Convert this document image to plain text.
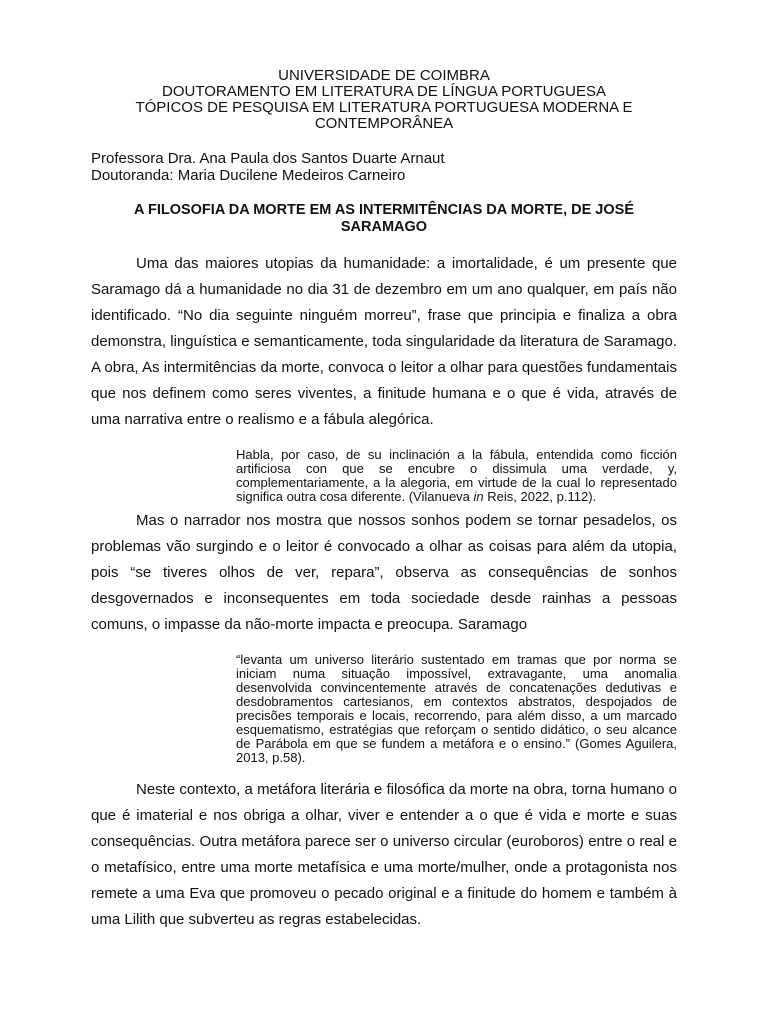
UNIVERSIDADE DE COIMBRA
DOUTORAMENTO EM LITERATURA DE LÍNGUA PORTUGUESA
TÓPICOS DE PESQUISA EM LITERATURA PORTUGUESA MODERNA E
CONTEMPORÂNEA
Professora Dra. Ana Paula dos Santos Duarte Arnaut
Doutoranda: Maria Ducilene Medeiros Carneiro
A FILOSOFIA DA MORTE EM AS INTERMITÊNCIAS DA MORTE, DE JOSÉ SARAMAGO

Uma das maiores utopias da humanidade: a imortalidade, é um presente que Saramago dá a humanidade no dia 31 de dezembro em um ano qualquer, em país não identificado. “No dia seguinte ninguém morreu”, frase que principia e finaliza a obra demonstra, linguística e semanticamente, toda singularidade da literatura de Saramago. A obra, As intermitências da morte, convoca o leitor a olhar para questões fundamentais que nos definem como seres viventes, a finitude humana e o que é vida, através de uma narrativa entre o realismo e a fábula alegórica.

Habla, por caso, de su inclinación a la fábula, entendida como ficción artificiosa con que se encubre o dissimula uma verdade, y, complementariamente, a la alegoria, em virtude de la cual lo representado significa outra cosa diferente. (Vilanueva in Reis, 2022, p.112).

Mas o narrador nos mostra que nossos sonhos podem se tornar pesadelos, os problemas vão surgindo e o leitor é convocado a olhar as coisas para além da utopia, pois “se tiveres olhos de ver, repara”, observa as consequências de sonhos desgovernados e inconsequentes em toda sociedade desde rainhas a pessoas comuns, o impasse da não-morte impacta e preocupa. Saramago

“levanta um universo literário sustentado em tramas que por norma se iniciam numa situação impossível, extravagante, uma anomalia desenvolvida convincentemente através de concatenações dedutivas e desdobramentos cartesianos, em contextos abstratos, despojados de precisões temporais e locais, recorrendo, para além disso, a um marcado esquematismo, estratégias que reforçam o sentido didático, o seu alcance de Parábola em que se fundem a metáfora e o ensino.” (Gomes Aguilera, 2013, p.58).

Neste contexto, a metáfora literária e filosófica da morte na obra, torna humano o que é imaterial e nos obriga a olhar, viver e entender a o que é vida e morte e suas consequências. Outra metáfora parece ser o universo circular (euroboros) entre o real e o metafísico, entre uma morte metafísica e uma morte/mulher, onde a protagonista nos remete a uma Eva que promoveu o pecado original e a finitude do homem e também à uma Lilith que subverteu as regras estabelecidas.
